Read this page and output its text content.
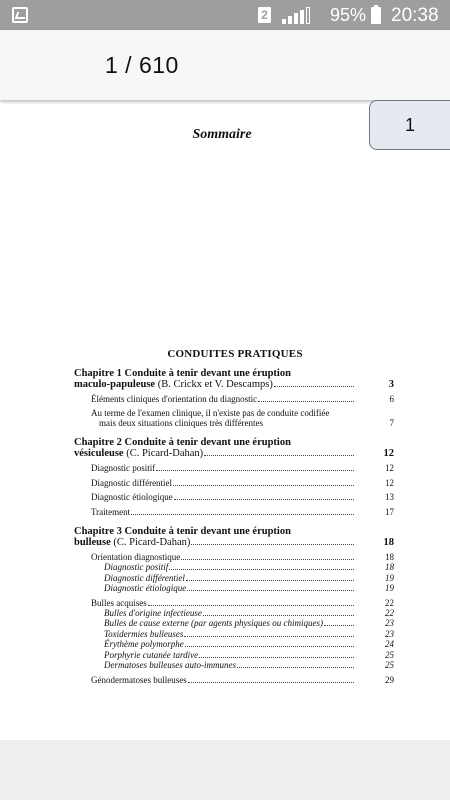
2	95% 20:38
1 / 610
1
Sommaire
CONDUITES PRATIQUES
Chapitre 1 Conduite à tenir devant une éruption
maculo-papuleuse (B. Crickx et V. Descamps)	3
Éléments cliniques d'orientation du diagnostic	6
Au terme de l'examen clinique, il n'existe pas de conduite codifiée
mais deux situations cliniques très différentes	7
Chapitre 2 Conduite à tenir devant une éruption
vésiculeuse (C. Picard-Dahan)	12
Diagnostic positif	12
Diagnostic différentiel	12
Diagnostic étiologique	13
Traitement	17
Chapitre 3 Conduite à tenir devant une éruption
bulleuse (C. Picard-Dahan)	18
Orientation diagnostique	18
Diagnostic positif	18
Diagnostic différentiel	19
Diagnostic étiologique	19
Bulles acquises	22
Bulles d'origine infectieuse	22
Bulles de cause externe (par agents physiques ou chimiques)	23
Toxidermies bulleuses	23
Érythème polymorphe	24
Porphyrie cutanée tardive	25
Dermatoses bulleuses auto-immunes	25
Génodermatoses bulleuses	29
